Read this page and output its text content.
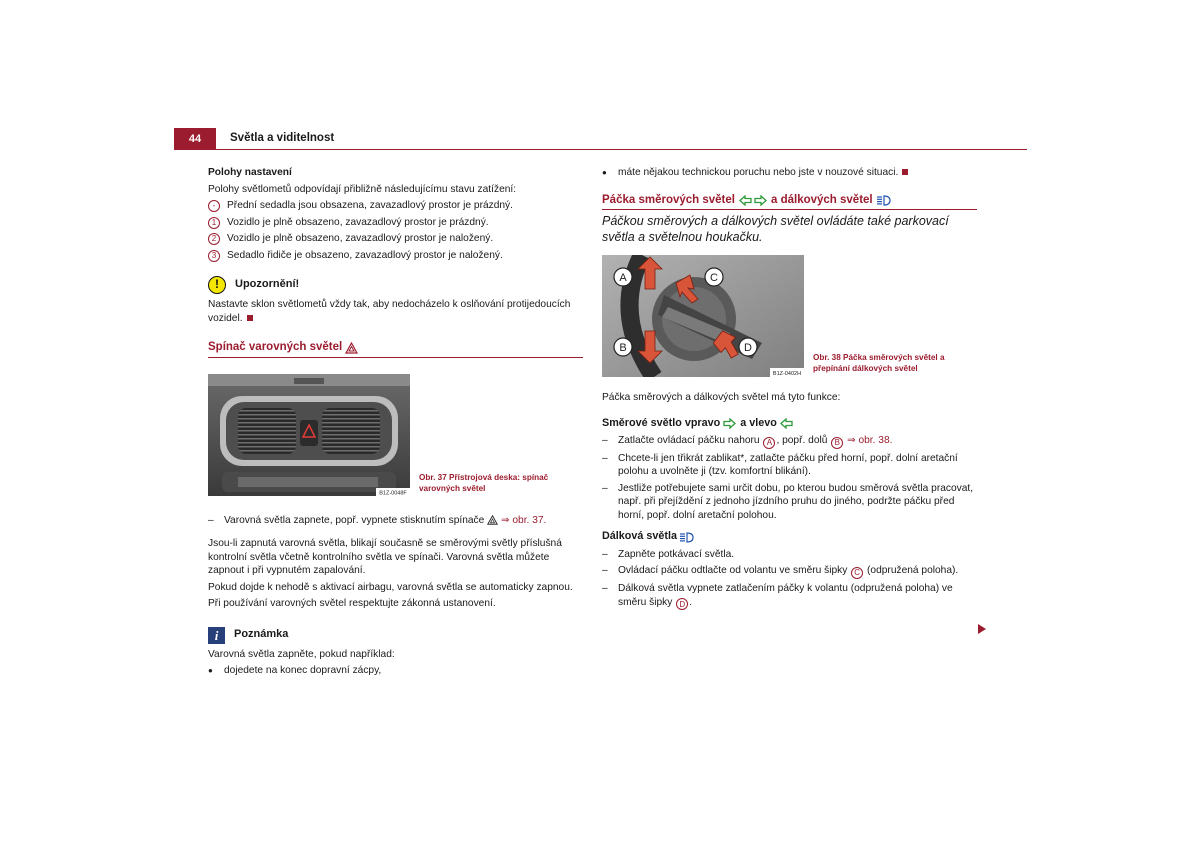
44	Světla a viditelnost
Polohy nastavení

Polohy světlometů odpovídají přibližně následujícímu stavu zatížení:

-	Přední sedadla jsou obsazena, zavazadlový prostor je prázdný.
1	Vozidlo je plně obsazeno, zavazadlový prostor je prázdný.
2	Vozidlo je plně obsazeno, zavazadlový prostor je naložený.
3	Sedadlo řidiče je obsazeno, zavazadlový prostor je naložený.
!	Upozornění!

Nastavte sklon světlometů vždy tak, aby nedocházelo k oslňování protijedoucích vozidel.

Spínač varovných světel
B1Z-0048F
Obr. 37 Přístrojová deska: spínač varovných světel
– Varovná světla zapnete, popř. vypnete stisknutím spínače ⇒ obr. 37.

Jsou-li zapnutá varovná světla, blikají současně se směrovými světly příslušná kontrolní světla včetně kontrolního světla ve spínači. Varovná světla můžete zapnout i při vypnutém zapalování.

Pokud dojde k nehodě s aktivací airbagu, varovná světla se automaticky zapnou.

Při používání varovných světel respektujte zákonná ustanovení.

i	Poznámka

Varovná světla zapněte, pokud například:

● dojedete na konec dopravní zácpy,
● máte nějakou technickou poruchu nebo jste v nouzové situaci.
Páčka směrových světel	a dálkových světel

Páčkou směrových a dálkových světel ovládáte také parkovací světla a světelnou houkačku.

A
B
C
D
B1Z-0402H
Obr. 38 Páčka směrových světel a přepínání dálkových světel

Páčka směrových a dálkových světel má tyto funkce:

Směrové světlo vpravo a vlevo
– Zatlačte ovládací páčku nahoru A , popř. dolů B ⇒ obr. 38.
– Chcete-li jen třikrát zablikat*, zatlačte páčku před horní, popř. dolní aretační polohu a uvolněte ji (tzv. komfortní blikání).
– Jestliže potřebujete sami určit dobu, po kterou budou směrová světla pracovat, např. při přejíždění z jednoho jízdního pruhu do jiného, podržte páčku před horní, popř. dolní aretační polohou.
Dálková světla
– Zapněte potkávací světla.
– Ovládací páčku odtlačte od volantu ve směru šipky C (odpružená poloha).
– Dálková světla vypnete zatlačením páčky k volantu (odpružená poloha) ve směru šipky D .
